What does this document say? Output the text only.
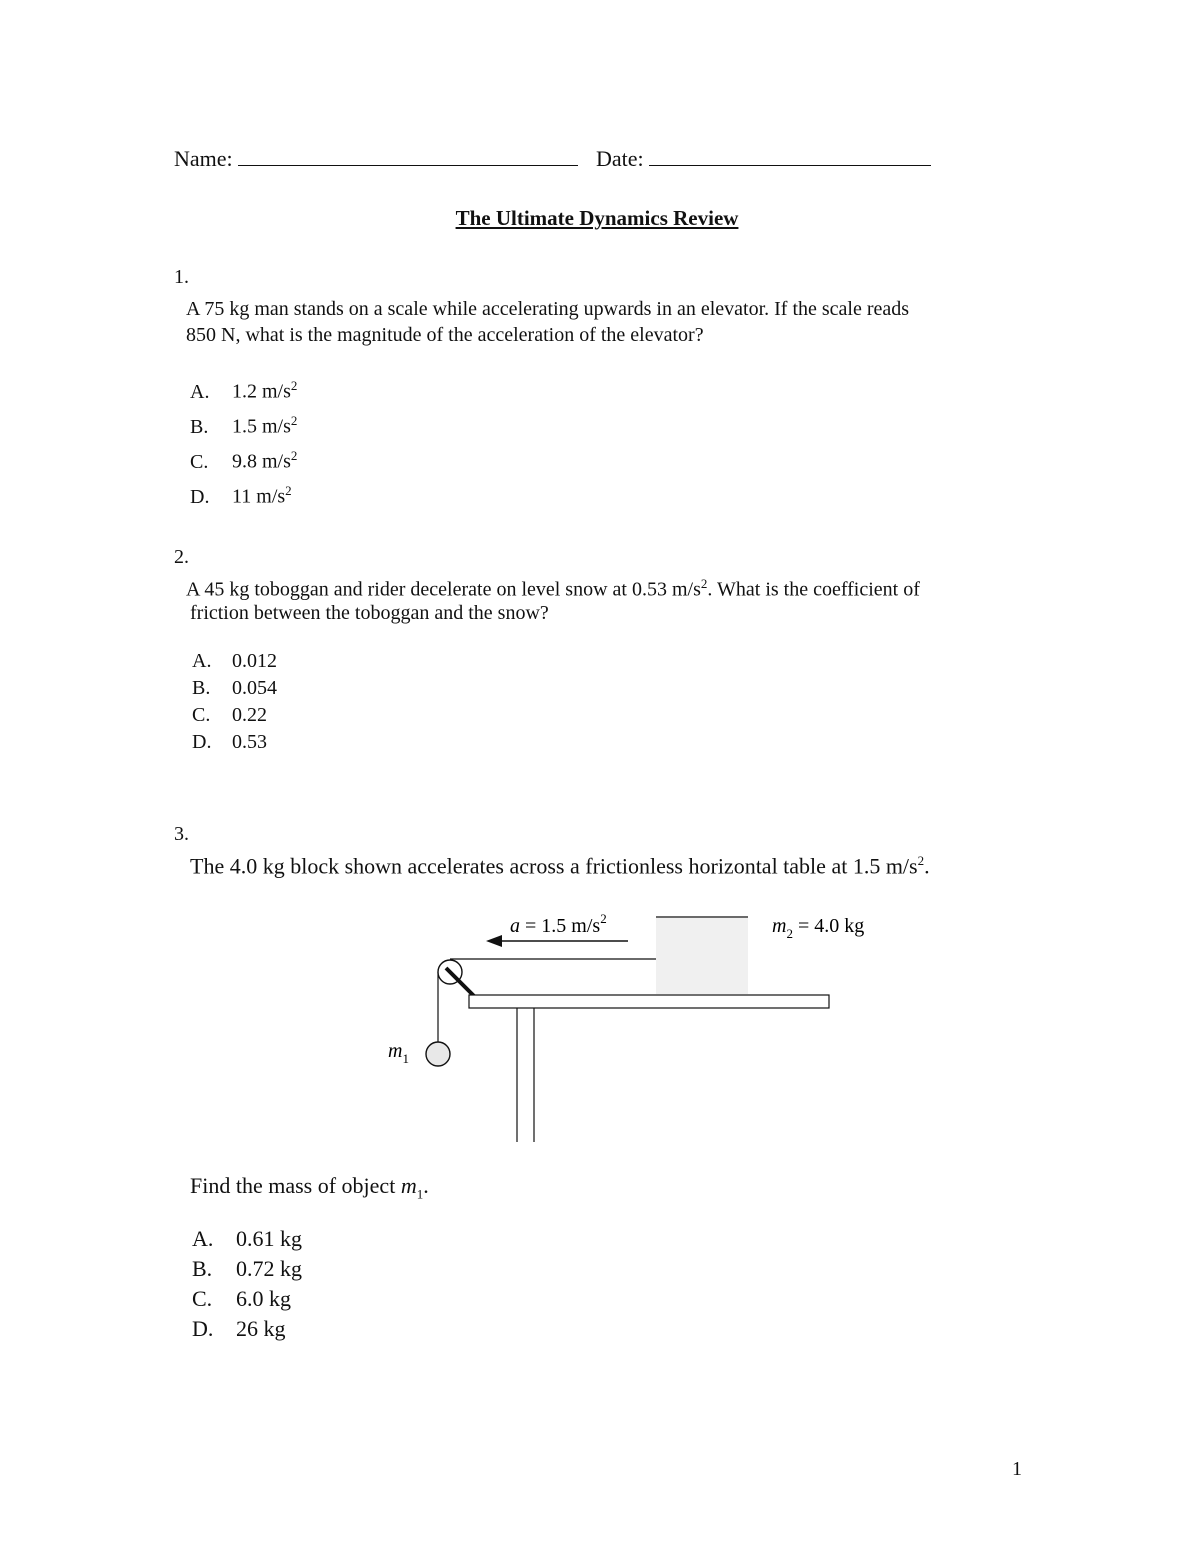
Name:	Date:
The Ultimate Dynamics Review
1.
A 75 kg man stands on a scale while accelerating upwards in an elevator. If the scale reads
850 N, what is the magnitude of the acceleration of the elevator?
A. 1.2 $m/s^2$
B. 1.5 $m/s^2$
C. 9.8 $m/s^2$
D. 11 $m/s^2$
2.
A 45 kg toboggan and rider decelerate on level snow at 0.53 $m/s^2$. What is the coefficient of
friction between the toboggan and the snow?
A. 0.012
B. 0.054
C. 0.22
D. 0.53
3.
The 4.0 kg block shown accelerates across a frictionless horizontal table at 1.5 $m/s^2$.
a = 1.5 $m/s^2$	$m_2 = 4.0$ kg
$m_1$
Find the mass of object $m_1$.
A. 0.61 kg
B. 0.72 kg
C. 6.0 kg
D. 26 kg
1
